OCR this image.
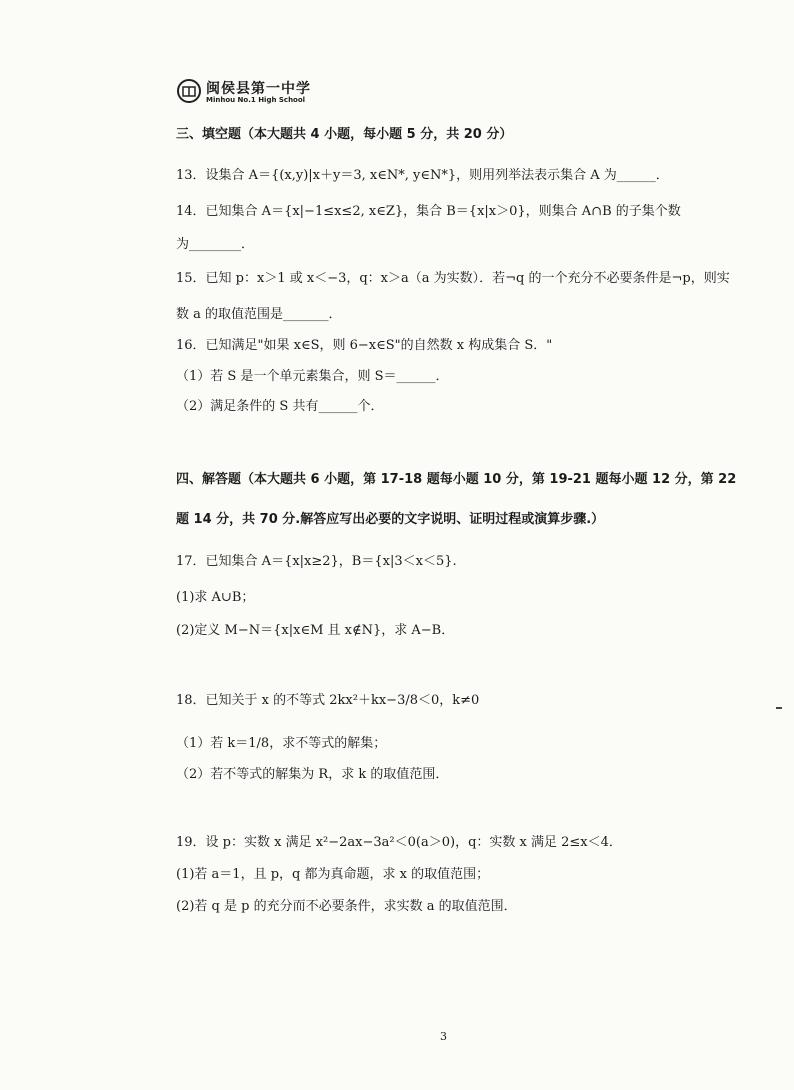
闽侯县第一中学
Minhou No.1 High School
三、填空题（本大题共 4 小题，每小题 5 分，共 20 分）
13．设集合 A＝{(x,y)|x＋y＝3, x∈N*, y∈N*}，则用列举法表示集合 A 为______．
14．已知集合 A＝{x|−1≤x≤2, x∈Z}，集合 B＝{x|x＞0}，则集合 A∩B 的子集个数
为________．
15．已知 p：x＞1 或 x＜−3，q：x＞a（a 为实数）．若¬q 的一个充分不必要条件是¬p，则实
数 a 的取值范围是_______．
16．已知满足"如果 x∈S，则 6−x∈S"的自然数 x 构成集合 S．"
（1）若 S 是一个单元素集合，则 S＝______．
（2）满足条件的 S 共有______个．
四、解答题（本大题共 6 小题，第 17-18 题每小题 10 分，第 19-21 题每小题 12 分，第 22
题 14 分，共 70 分.解答应写出必要的文字说明、证明过程或演算步骤.）
17．已知集合 A＝{x|x≥2}，B＝{x|3＜x＜5}.
(1)求 A∪B；
(2)定义 M−N＝{x|x∈M 且 x∉N}，求 A−B．
18．已知关于 x 的不等式 2kx²＋kx−3/8＜0，k≠0
（1）若 k＝1/8，求不等式的解集；
（2）若不等式的解集为 R，求 k 的取值范围．
19．设 p：实数 x 满足 x²−2ax−3a²＜0(a＞0)，q：实数 x 满足 2≤x＜4．
(1)若 a＝1，且 p，q 都为真命题，求 x 的取值范围；
(2)若 q 是 p 的充分而不必要条件，求实数 a 的取值范围．
3
